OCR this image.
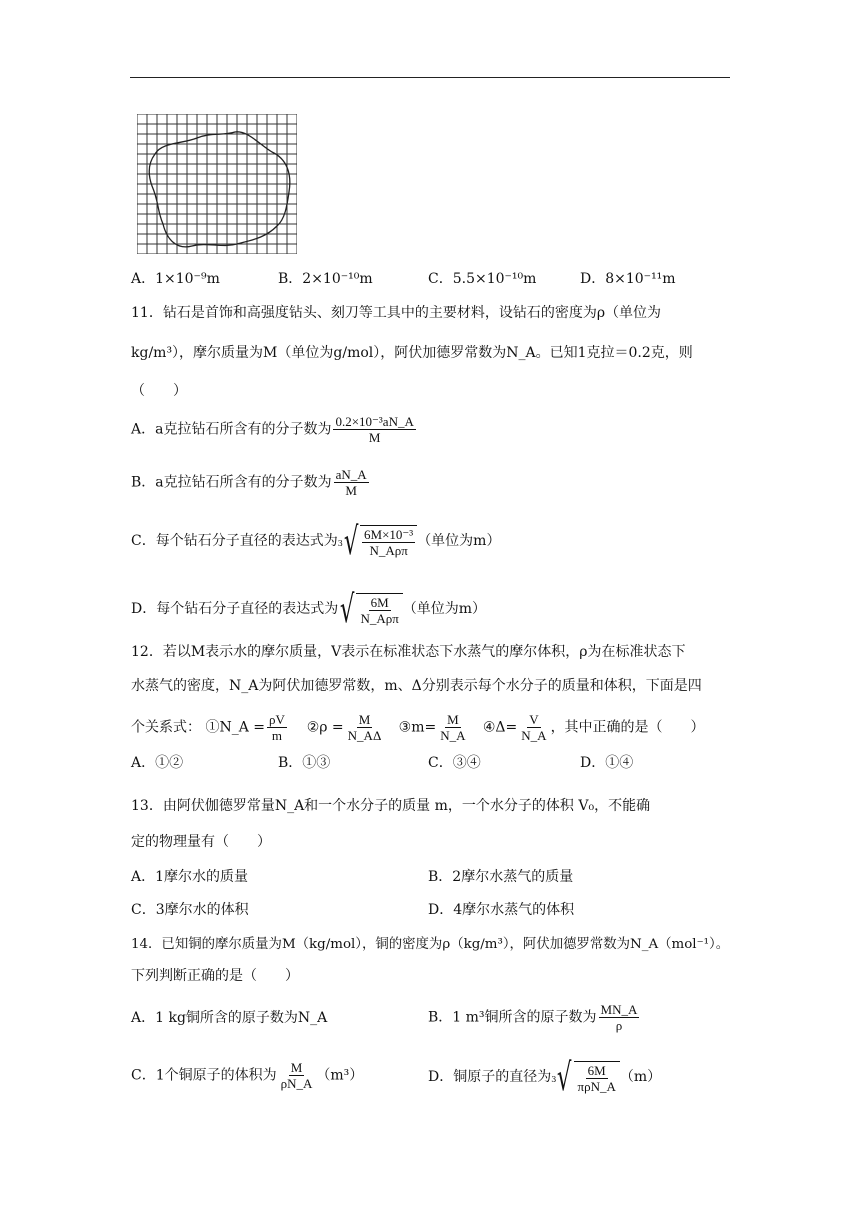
A．1×10⁻⁹m	B．2×10⁻¹⁰m	C．5.5×10⁻¹⁰m	D．8×10⁻¹¹m
11．钻石是首饰和高强度钻头、刻刀等工具中的主要材料，设钻石的密度为ρ（单位为
kg/m³），摩尔质量为M（单位为g/mol），阿伏加德罗常数为N_A。已知1克拉＝0.2克，则
（　　）
A．a克拉钻石所含有的分子数为 $\frac{\text{0.2×10⁻³aN\_A}}{M}$
B．a克拉钻石所含有的分子数为 $\frac{aN\_A}{M}$
C．每个钻石分子直径的表达式为 3 √ $\frac{\text{6M×10⁻³}}{\text{N\_Aρπ}}$ （单位为m）
D．每个钻石分子直径的表达式为 √ $\frac{6M}{\text{N\_Aρπ}}$ （单位为m）
12．若以M表示水的摩尔质量，V表示在标准状态下水蒸气的摩尔体积，ρ为在标准状态下
水蒸气的密度，N_A为阿伏加德罗常数，m、Δ分别表示每个水分子的质量和体积，下面是四
个关系式： ①N_A = $\frac{\rho V}{m}$ ②ρ = $\frac{M}{N\_A\Delta}$ ③m= $\frac{M}{N\_A}$ ④Δ= $\frac{V}{N\_A}$ ，其中正确的是（　　）
A．①②	B．①③	C．③④	D．①④
13．由阿伏伽德罗常量N_A和一个水分子的质量 m，一个水分子的体积 V₀，不能确
定的物理量有（　　）
A．1摩尔水的质量	B．2摩尔水蒸气的质量
C．3摩尔水的体积	D．4摩尔水蒸气的体积
14．已知铜的摩尔质量为M（kg/mol），铜的密度为ρ（kg/m³），阿伏加德罗常数为N_A（mol⁻¹）。
下列判断正确的是（　　）
A．1 kg铜所含的原子数为N_A	B．1 m³铜所含的原子数为 $\frac{MN\_A}{\rho}$
C．1个铜原子的体积为 $\frac{M}{\rho N\_A} (m^3)$	D．铜原子的直径为 3 √ $\frac{6M}{\text{πρN\_A}} (m)$
